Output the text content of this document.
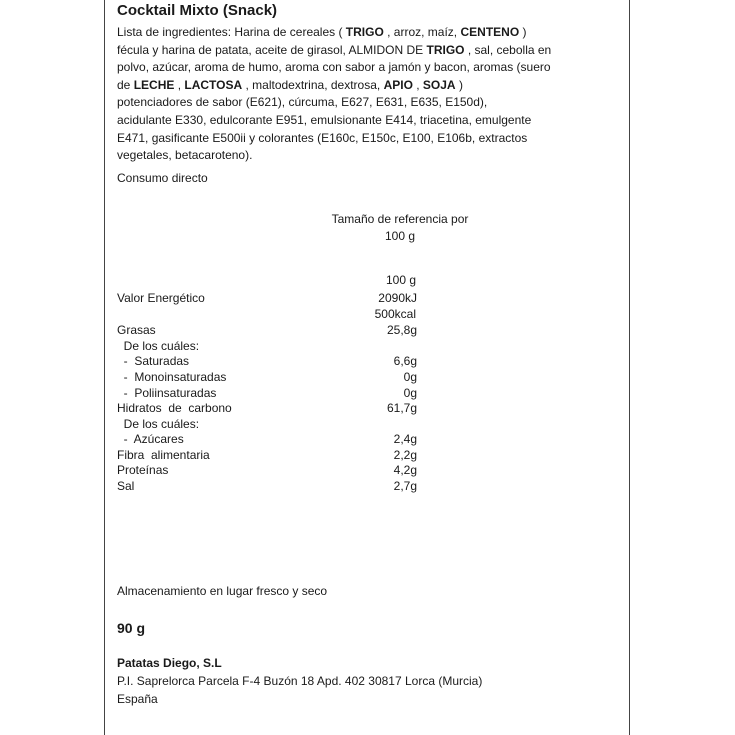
Cocktail Mixto (Snack)
Lista de ingredientes: Harina de cereales ( TRIGO , arroz, maíz, CENTENO )
fécula y harina de patata, aceite de girasol, ALMIDON DE TRIGO , sal, cebolla en
polvo, azúcar, aroma de humo, aroma con sabor a jamón y bacon, aromas (suero
de LECHE , LACTOSA , maltodextrina, dextrosa, APIO , SOJA )
potenciadores de sabor (E621), cúrcuma, E627, E631, E635, E150d),
acidulante E330, edulcorante E951, emulsionante E414, triacetina, emulgente
E471, gasificante E500ii y colorantes (E160c, E150c, E100, E106b, extractos
vegetales, betacaroteno).
Consumo directo
Tamaño de referencia por
100 g
100 g
Valor Energético	2090kJ
500kcal
Grasas	25,8g
De los cuáles:
-  Saturadas	6,6g
-  Monoinsaturadas	0g
-  Poliinsaturadas	0g
Hidratos  de  carbono	61,7g
De los cuáles:
-  Azúcares	2,4g
Fibra  alimentaria	2,2g
Proteínas	4,2g
Sal	2,7g
Almacenamiento en lugar fresco y seco
90 g
Patatas Diego, S.L
P.I. Saprelorca Parcela F-4 Buzón 18 Apd. 402 30817 Lorca (Murcia)
España
